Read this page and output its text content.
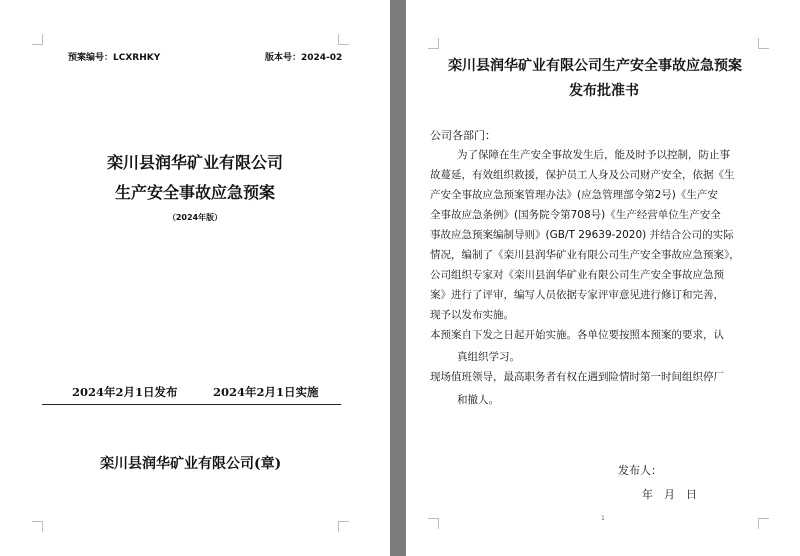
预案编号：LCXRHKY	版本号：2024-02
栾川县润华矿业有限公司
生产安全事故应急预案
（2024年版）
2024年2月1日发布	2024年2月1日实施
栾川县润华矿业有限公司(章)
栾川县润华矿业有限公司生产安全事故应急预案
发布批准书
公司各部门：
为了保障在生产安全事故发生后，能及时予以控制，防止事
故蔓延，有效组织救援，保护员工人身及公司财产安全，依据《生
产安全事故应急预案管理办法》(应急管理部令第2号)《生产安
全事故应急条例》(国务院令第708号)《生产经营单位生产安全
事故应急预案编制导则》(GB/T 29639-2020) 并结合公司的实际
情况，编制了《栾川县润华矿业有限公司生产安全事故应急预案》，
公司组织专家对《栾川县润华矿业有限公司生产安全事故应急预
案》进行了评审，编写人员依据专家评审意见进行修订和完善，
现予以发布实施。
本预案自下发之日起开始实施。各单位要按照本预案的要求，认
真组织学习。
现场值班领导，最高职务者有权在遇到险情时第一时间组织停厂
和撤人。
发布人：
年　月　日
1
